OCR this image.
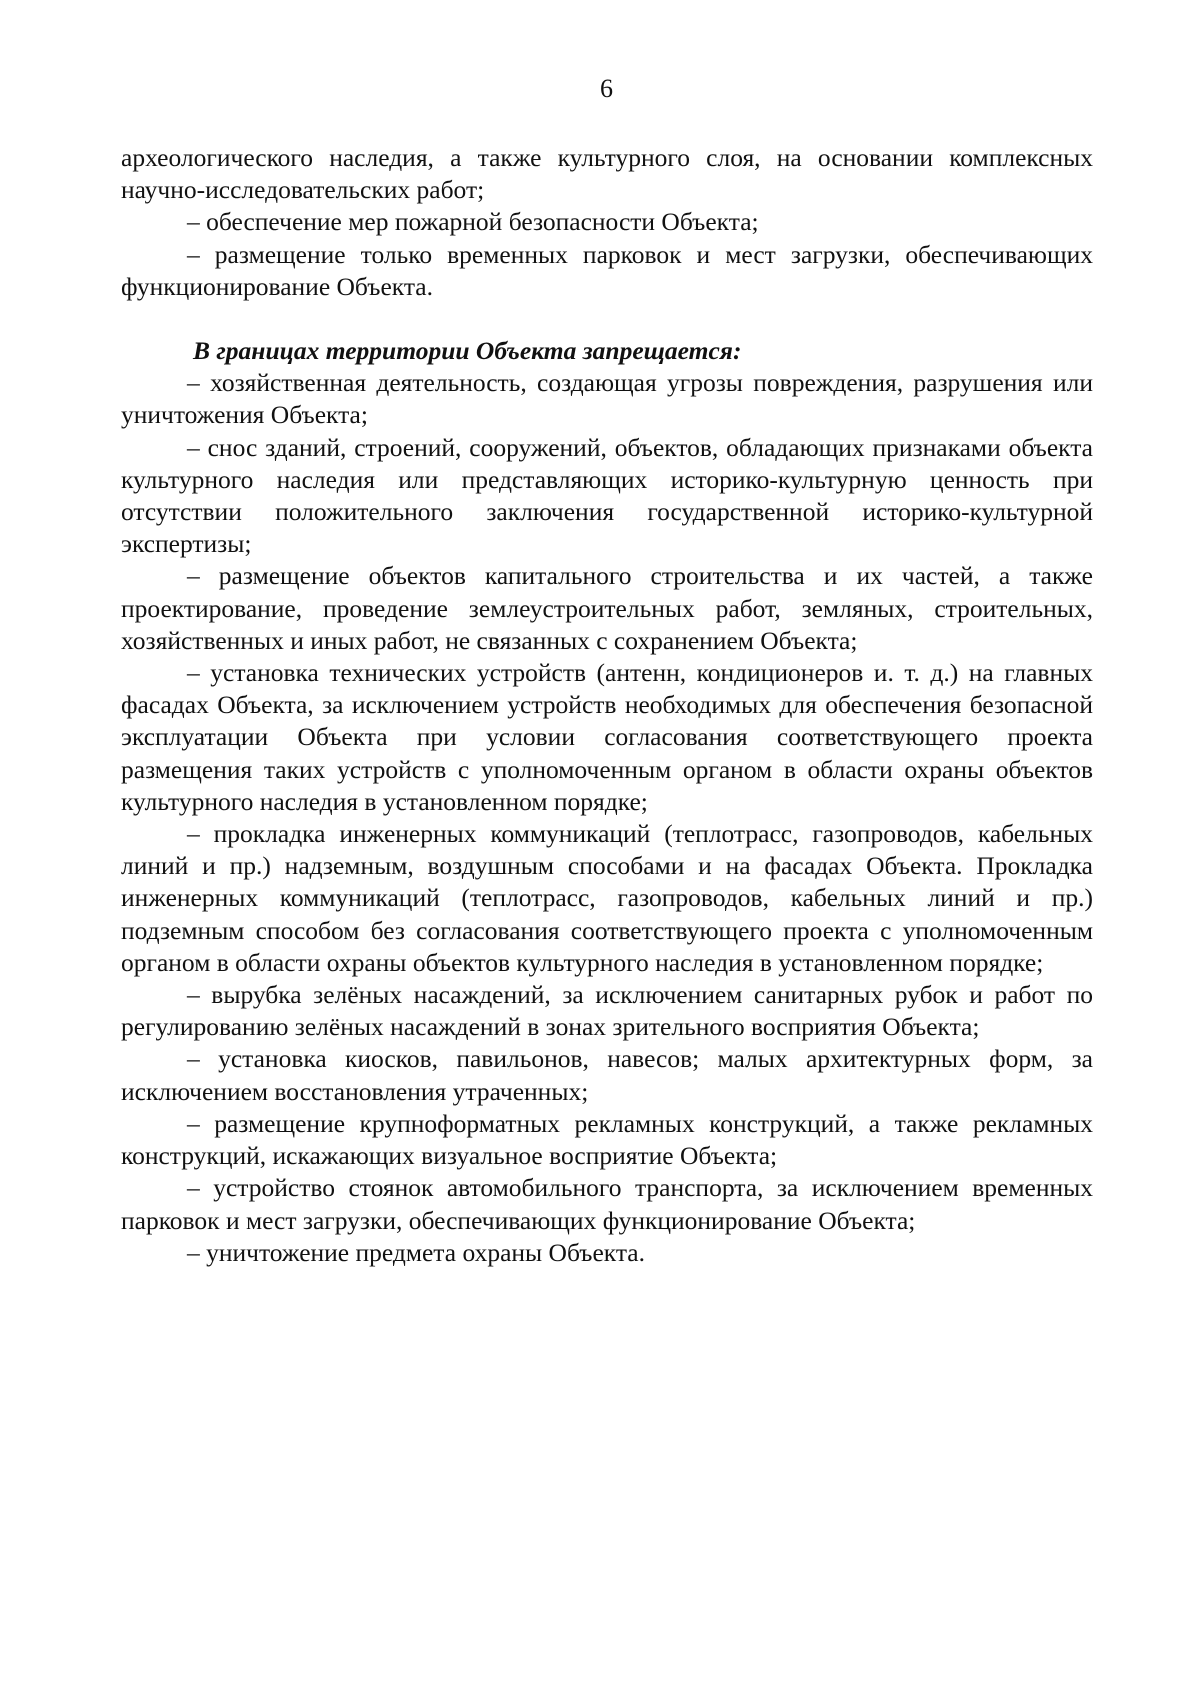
6

археологического наследия, а также культурного слоя, на основании комплексных научно-исследовательских работ;

– обеспечение мер пожарной безопасности Объекта;

– размещение только временных парковок и мест загрузки, обеспечивающих функционирование Объекта.

В границах территории Объекта запрещается:

– хозяйственная деятельность, создающая угрозы повреждения, разрушения или уничтожения Объекта;

– снос зданий, строений, сооружений, объектов, обладающих признаками объекта культурного наследия или представляющих историко-культурную ценность при отсутствии положительного заключения государственной историко-культурной экспертизы;

– размещение объектов капитального строительства и их частей, а также проектирование, проведение землеустроительных работ, земляных, строительных, хозяйственных и иных работ, не связанных с сохранением Объекта;

– установка технических устройств (антенн, кондиционеров и. т. д.) на главных фасадах Объекта, за исключением устройств необходимых для обеспечения безопасной эксплуатации Объекта при условии согласования соответствующего проекта размещения таких устройств с уполномоченным органом в области охраны объектов культурного наследия в установленном порядке;

– прокладка инженерных коммуникаций (теплотрасс, газопроводов, кабельных линий и пр.) надземным, воздушным способами и на фасадах Объекта. Прокладка инженерных коммуникаций (теплотрасс, газопроводов, кабельных линий и пр.) подземным способом без согласования соответствующего проекта с уполномоченным органом в области охраны объектов культурного наследия в установленном порядке;

– вырубка зелёных насаждений, за исключением санитарных рубок и работ по регулированию зелёных насаждений в зонах зрительного восприятия Объекта;

– установка киосков, павильонов, навесов; малых архитектурных форм, за исключением восстановления утраченных;

– размещение крупноформатных рекламных конструкций, а также рекламных конструкций, искажающих визуальное восприятие Объекта;

– устройство стоянок автомобильного транспорта, за исключением временных парковок и мест загрузки, обеспечивающих функционирование Объекта;

– уничтожение предмета охраны Объекта.
